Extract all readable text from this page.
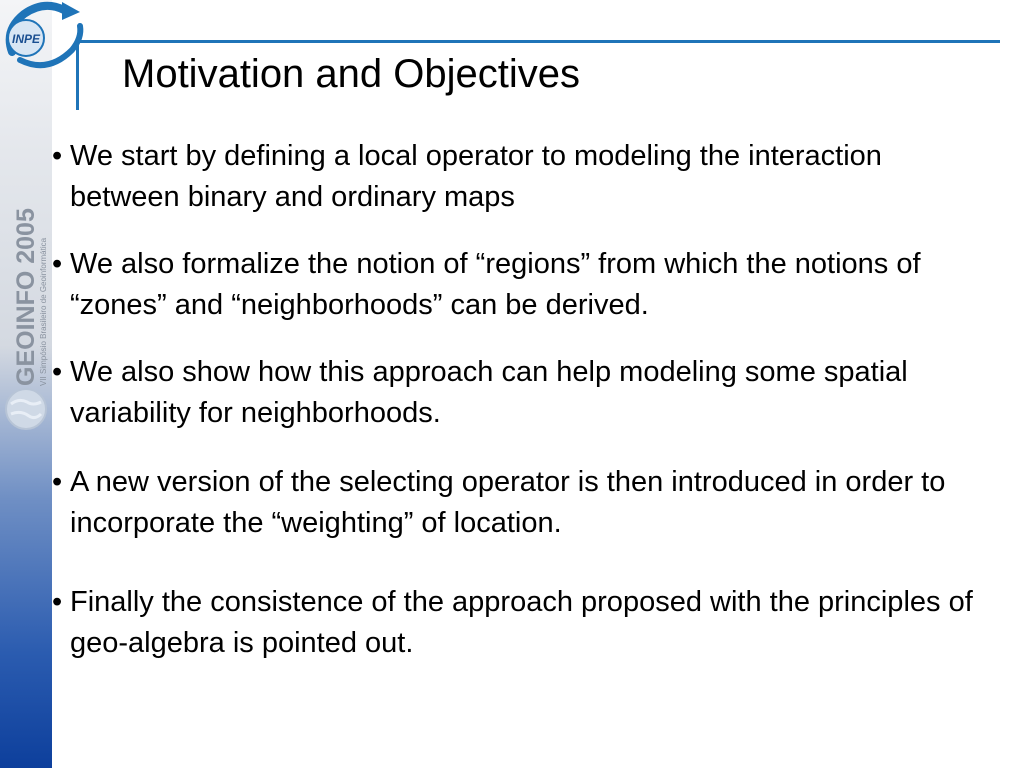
GEOINFO 2005 VII Simpósio Brasileiro de Geoinformática
INPE
Motivation and Objectives
• We start by defining a local operator to modeling the interaction between binary and ordinary maps
• We also formalize the notion of “regions” from which the notions of “zones” and “neighborhoods” can be derived.
• We also show how this approach can help modeling some spatial variability for neighborhoods.
• A new version of the selecting operator is then introduced in order to incorporate the “weighting” of location.
• Finally the consistence of the approach proposed with the principles of geo-algebra is pointed out.
